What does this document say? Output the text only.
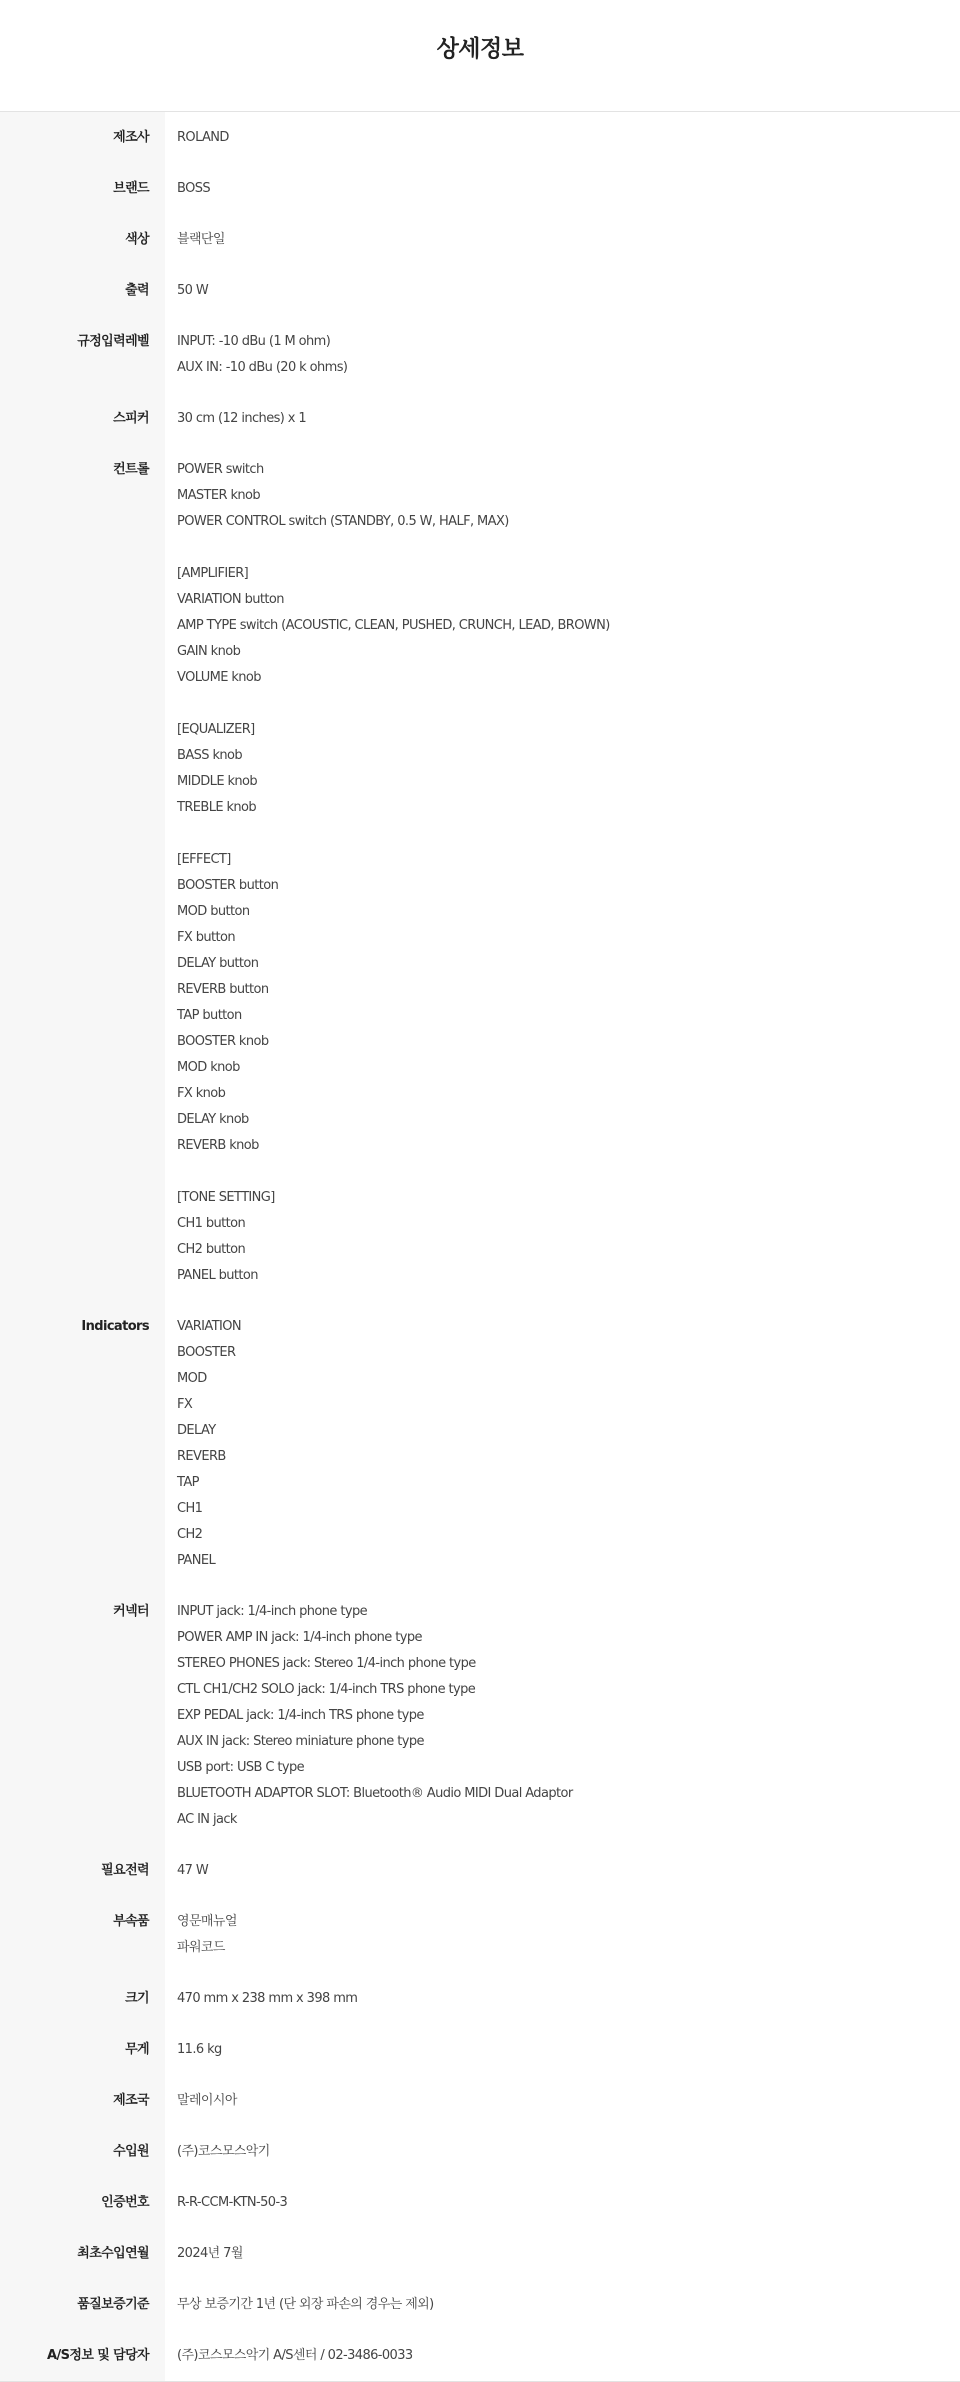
상세정보
제조사	ROLAND
브랜드	BOSS
색상	블랙단일
출력	50 W
규정입력레벨	INPUT: -10 dBu (1 M ohm)
AUX IN: -10 dBu (20 k ohms)
스피커	30 cm (12 inches) x 1
컨트롤	POWER switch
MASTER knob
POWER CONTROL switch (STANDBY, 0.5 W, HALF, MAX)
[AMPLIFIER]
VARIATION button
AMP TYPE switch (ACOUSTIC, CLEAN, PUSHED, CRUNCH, LEAD, BROWN)
GAIN knob
VOLUME knob
[EQUALIZER]
BASS knob
MIDDLE knob
TREBLE knob
[EFFECT]
BOOSTER button
MOD button
FX button
DELAY button
REVERB button
TAP button
BOOSTER knob
MOD knob
FX knob
DELAY knob
REVERB knob
[TONE SETTING]
CH1 button
CH2 button
PANEL button
Indicators	VARIATION
BOOSTER
MOD
FX
DELAY
REVERB
TAP
CH1
CH2
PANEL
커넥터	INPUT jack: 1/4-inch phone type
POWER AMP IN jack: 1/4-inch phone type
STEREO PHONES jack: Stereo 1/4-inch phone type
CTL CH1/CH2 SOLO jack: 1/4-inch TRS phone type
EXP PEDAL jack: 1/4-inch TRS phone type
AUX IN jack: Stereo miniature phone type
USB port: USB C type
BLUETOOTH ADAPTOR SLOT: Bluetooth® Audio MIDI Dual Adaptor
AC IN jack
필요전력	47 W
부속품	영문매뉴얼
파워코드
크기	470 mm x 238 mm x 398 mm
무게	11.6 kg
제조국	말레이시아
수입원	(주)코스모스악기
인증번호	R-R-CCM-KTN-50-3
최초수입연월	2024년 7월
품질보증기준	무상 보증기간 1년 (단 외장 파손의 경우는 제외)
A/S정보 및 담당자	(주)코스모스악기 A/S센터 / 02-3486-0033
